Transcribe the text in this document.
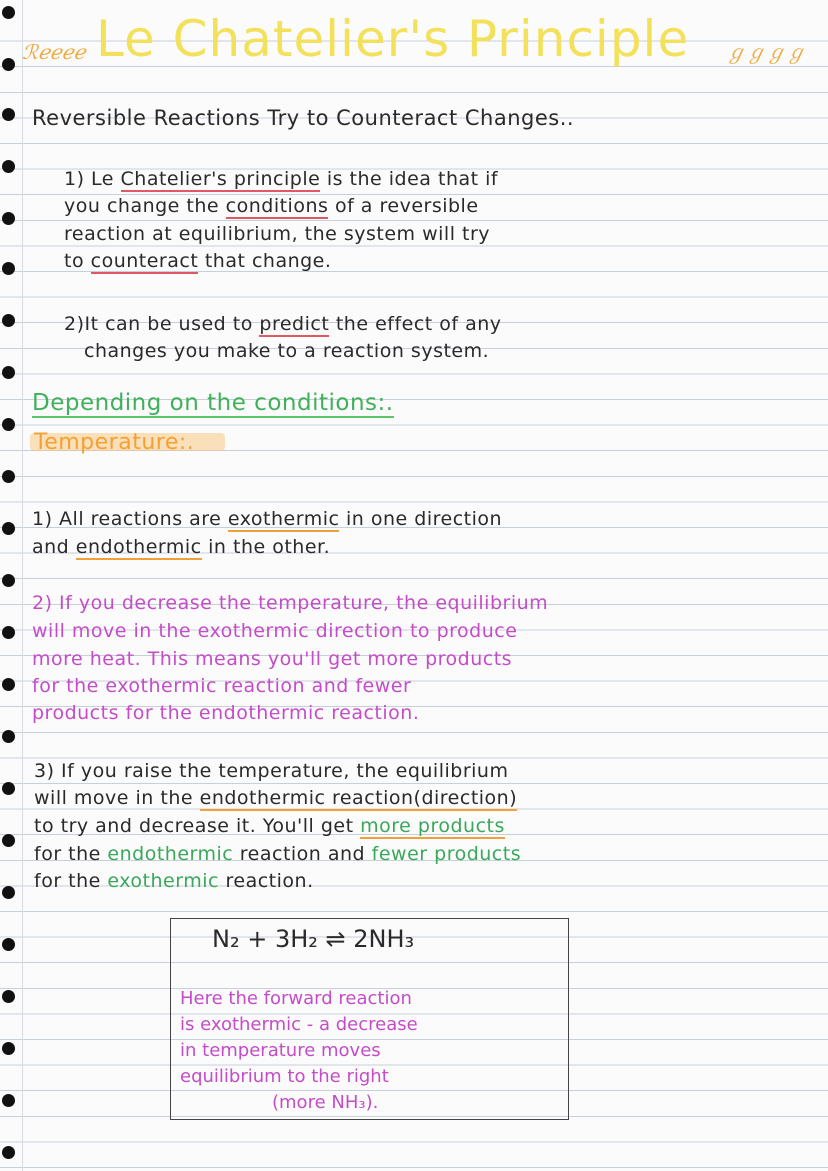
ℛℯℯℯℯ Le Chatelier's Principle ℊℊℊℊ
Reversible Reactions Try to Counteract Changes..
1) Le Chatelier's principle is the idea that if
you change the conditions of a reversible
reaction at equilibrium, the system will try
to counteract that change.
2)It can be used to predict the effect of any
changes you make to a reaction system.
Depending on the conditions:.
Temperature:.
1) All reactions are exothermic in one direction
and endothermic in the other.
2) If you decrease the temperature, the equilibrium
will move in the exothermic direction to produce
more heat. This means you'll get more products
for the exothermic reaction and fewer
products for the endothermic reaction.
3) If you raise the temperature, the equilibrium
will move in the endothermic reaction(direction)
to try and decrease it. You'll get more products
for the endothermic reaction and fewer products
for the exothermic reaction.
N₂ + 3H₂ ⇌ 2NH₃
Here the forward reaction
is exothermic - a decrease
in temperature moves
equilibrium to the right
(more NH₃).
